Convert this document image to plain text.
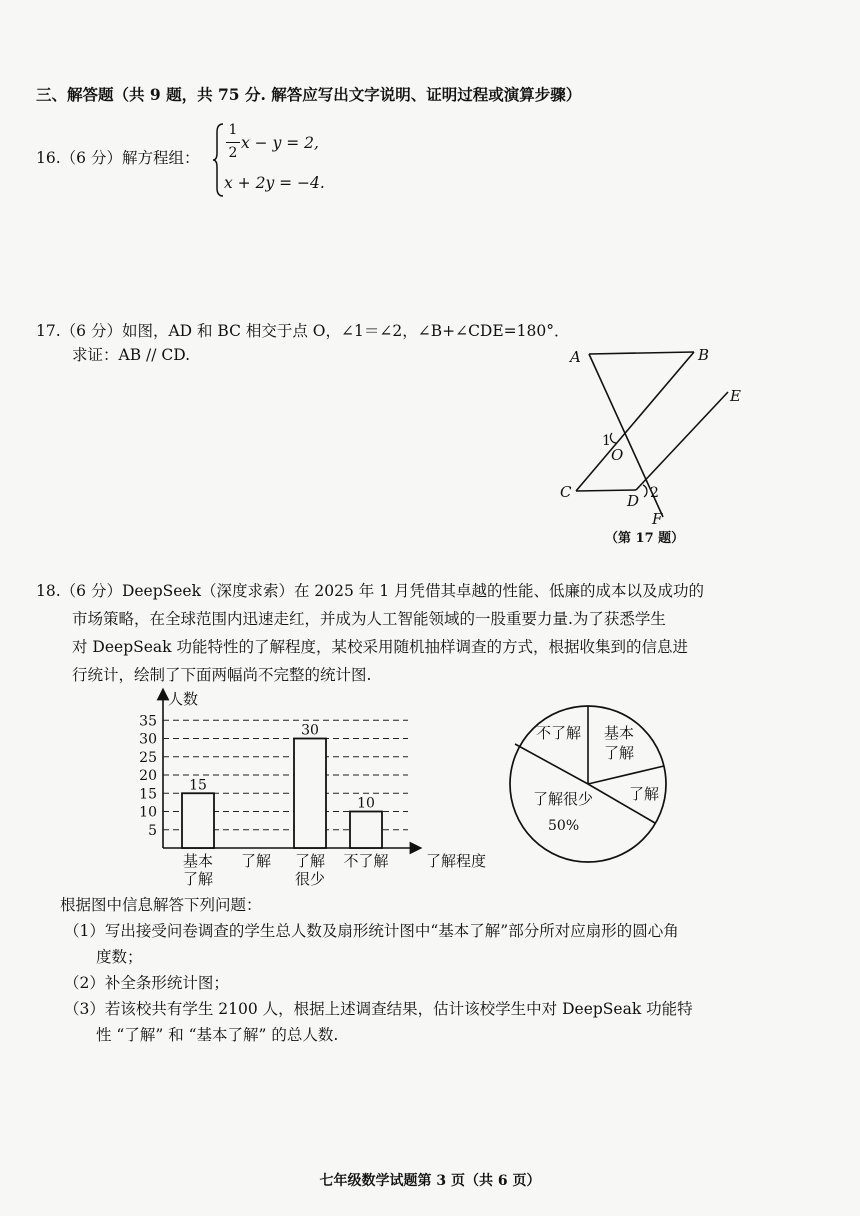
三、解答题（共 9 题，共 75 分. 解答应写出文字说明、证明过程或演算步骤）
16.（6 分）解方程组：
1
2
x − y = 2,
x + 2y = −4.
17.（6 分）如图，AD 和 BC 相交于点 O，∠1＝∠2，∠B+∠CDE=180°．
求证：AB // CD.	A	B
C	D
E
F
O
1
2
（第 17 题）
18.（6 分）DeepSeek（深度求索）在 2025 年 1 月凭借其卓越的性能、低廉的成本以及成功的
市场策略，在全球范围内迅速走红，并成为人工智能领域的一股重要力量.为了获悉学生
对 DeepSeak 功能特性的了解程度，某校采用随机抽样调查的方式，根据收集到的信息进
行统计，绘制了下面两幅尚不完整的统计图.
人数
了解程度
5
10
15
20
25
30
35
15
30
10
基本
了解
了解 了解
很少
不了解
不了解 基本
了解
了解
了解很少
50%
根据图中信息解答下列问题：
（1）写出接受问卷调查的学生总人数及扇形统计图中“基本了解”部分所对应扇形的圆心角
度数；
（2）补全条形统计图；
（3）若该校共有学生 2100 人，根据上述调查结果，估计该校学生中对 DeepSeak 功能特
性 “了解” 和 “基本了解” 的总人数.
七年级数学试题第 3 页（共 6 页）
